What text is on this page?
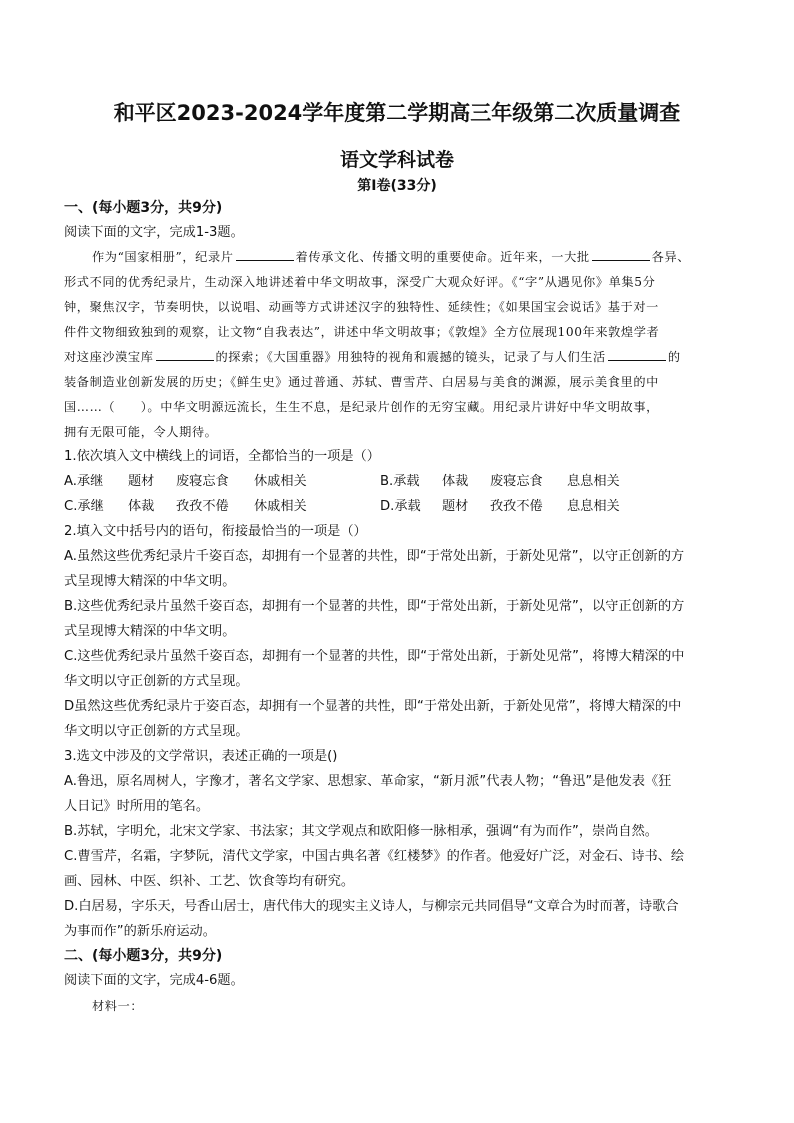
和平区2023-2024学年度第二学期高三年级第二次质量调查
语文学科试卷
第Ⅰ卷(33分)
一、(每小题3分，共9分)
阅读下面的文字，完成1-3题。
作为“国家相册”，纪录片	着传承文化、传播文明的重要使命。近年来，一大批	各异、
形式不同的优秀纪录片，生动深入地讲述着中华文明故事，深受广大观众好评。《“字”从遇见你》单集5分
钟，聚焦汉字，节奏明快，以说唱、动画等方式讲述汉字的独特性、延续性；《如果国宝会说话》基于对一
件件文物细致独到的观察，让文物“自我表达”，讲述中华文明故事；《敦煌》全方位展现100年来敦煌学者
对这座沙漠宝库	的探索；《大国重器》用独特的视角和震撼的镜头，记录了与人们生活	的
装备制造业创新发展的历史；《鲜生史》通过普通、苏轼、曹雪芹、白居易与美食的渊源，展示美食里的中
国……（　　）。中华文明源远流长，生生不息，是纪录片创作的无穷宝藏。用纪录片讲好中华文明故事，
拥有无限可能，令人期待。
1.依次填入文中横线上的词语，全都恰当的一项是（）
A.承继 题材 废寝忘食 休戚相关	B.承载 体裁 废寝忘食 息息相关
C.承继 体裁 孜孜不倦 休戚相关	D.承载 题材 孜孜不倦 息息相关
2.填入文中括号内的语句，衔接最恰当的一项是（）
A.虽然这些优秀纪录片千姿百态，却拥有一个显著的共性，即“于常处出新，于新处见常”，以守正创新的方
式呈现博大精深的中华文明。
B.这些优秀纪录片虽然千姿百态，却拥有一个显著的共性，即“于常处出新，于新处见常”，以守正创新的方
式呈现博大精深的中华文明。
C.这些优秀纪录片虽然千姿百态，却拥有一个显著的共性，即“于常处出新，于新处见常”，将博大精深的中
华文明以守正创新的方式呈现。
D虽然这些优秀纪录片于姿百态，却拥有一个显著的共性，即“于常处出新，于新处见常”，将博大精深的中
华文明以守正创新的方式呈现。
3.选文中涉及的文学常识，表述正确的一项是()
A.鲁迅，原名周树人，字豫才，著名文学家、思想家、革命家，“新月派”代表人物；“鲁迅”是他发表《狂
人日记》时所用的笔名。
B.苏轼，字明允，北宋文学家、书法家；其文学观点和欧阳修一脉相承，强调“有为而作”，崇尚自然。
C.曹雪芹，名霜，字梦阮，清代文学家，中国古典名著《红楼梦》的作者。他爱好广泛，对金石、诗书、绘
画、园林、中医、织补、工艺、饮食等均有研究。
D.白居易，字乐天，号香山居士，唐代伟大的现实主义诗人，与柳宗元共同倡导“文章合为时而著，诗歌合
为事而作”的新乐府运动。
二、(每小题3分，共9分)
阅读下面的文字，完成4-6题。
材料一：
